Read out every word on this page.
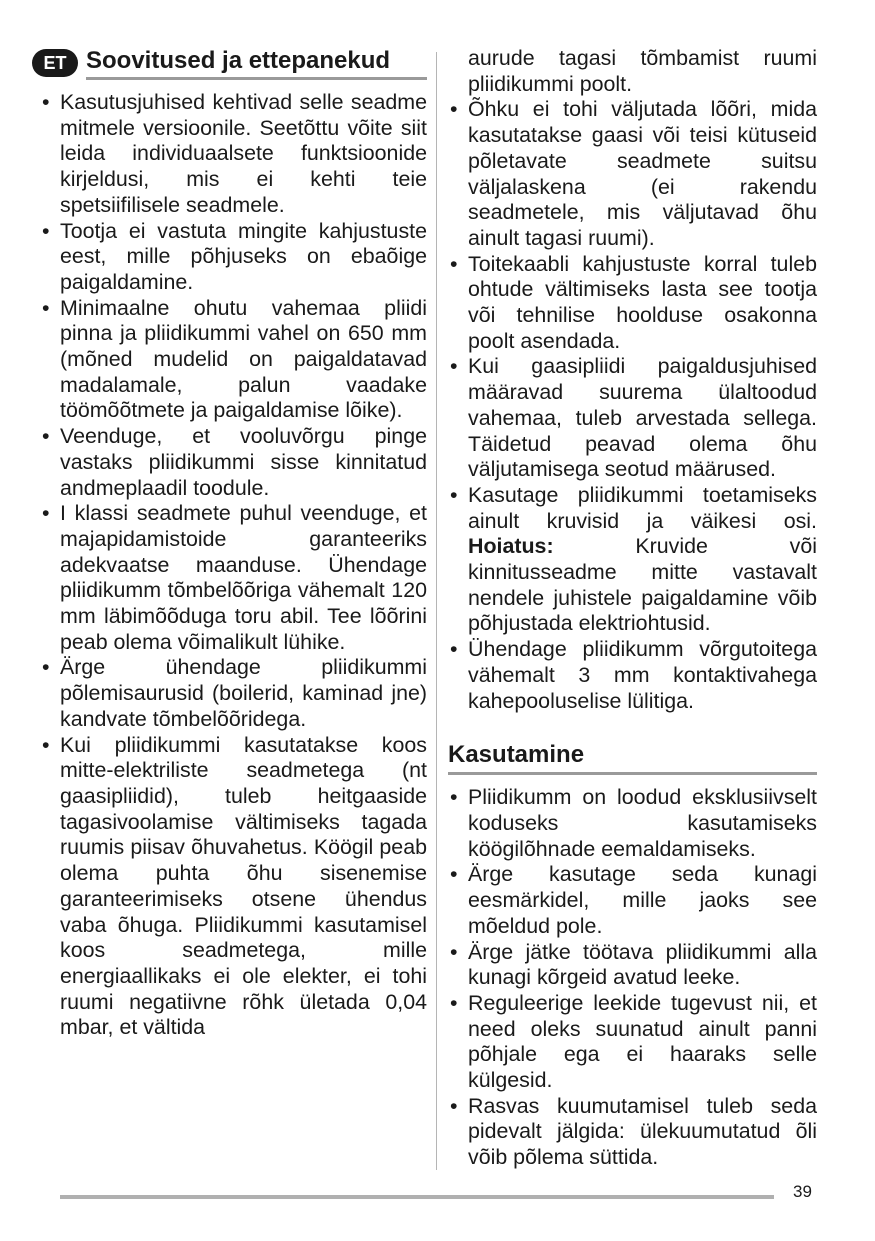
ET Soovitused ja ettepanekud
• Kasutusjuhised kehtivad selle seadme mitmele versioonile. Seetõttu võite siit leida individuaalsete funktsioonide kirjeldusi, mis ei kehti teie spetsiifilisele seadmele.
• Tootja ei vastuta mingite kahjustuste eest, mille põhjuseks on ebaõige paigaldamine.
• Minimaalne ohutu vahemaa pliidi pinna ja pliidikummi vahel on 650 mm (mõned mudelid on paigaldatavad madalamale, palun vaadake töömõõtmete ja paigaldamise lõike).
• Veenduge, et vooluvõrgu pinge vastaks pliidikummi sisse kinnitatud andmeplaadil toodule.
• I klassi seadmete puhul veenduge, et majapidamistoide garanteeriks adekvaatse maanduse. Ühendage pliidikumm tõmbelõõriga vähemalt 120 mm läbimõõduga toru abil. Tee lõõrini peab olema võimalikult lühike.
• Ärge ühendage pliidikummi põlemisaurusid (boilerid, kaminad jne) kandvate tõmbelõõridega.
• Kui pliidikummi kasutatakse koos mitte-elektriliste seadmetega (nt gaasipliidid), tuleb heitgaaside tagasivoolamise vältimiseks tagada ruumis piisav õhuvahetus. Köögil peab olema puhta õhu sisenemise garanteerimiseks otsene ühendus vaba õhuga. Pliidikummi kasutamisel koos seadmetega, mille energiaallikaks ei ole elekter, ei tohi ruumi negatiivne rõhk ületada 0,04 mbar, et vältida
aurude tagasi tõmbamist ruumi pliidikummi poolt.
• Õhku ei tohi väljutada lõõri, mida kasutatakse gaasi või teisi kütuseid põletavate seadmete suitsu väljalaskena (ei rakendu seadmetele, mis väljutavad õhu ainult tagasi ruumi).
• Toitekaabli kahjustuste korral tuleb ohtude vältimiseks lasta see tootja või tehnilise hoolduse osakonna poolt asendada.
• Kui gaasipliidi paigaldusjuhised määravad suurema ülaltoodud vahemaa, tuleb arvestada sellega. Täidetud peavad olema õhu väljutamisega seotud määrused.
• Kasutage pliidikummi toetamiseks ainult kruvisid ja väikesi osi. Hoiatus:	Kruvide või kinnitusseadme mitte vastavalt nendele juhistele paigaldamine võib põhjustada elektriohtusid.
• Ühendage pliidikumm võrgutoitega vähemalt 3 mm kontaktivahega kahepooluselise lülitiga.
Kasutamine
• Pliidikumm on loodud eksklusiivselt koduseks kasutamiseks köögilõhnade eemaldamiseks.
• Ärge kasutage seda kunagi eesmärkidel, mille jaoks see mõeldud pole.
• Ärge jätke töötava pliidikummi alla kunagi kõrgeid avatud leeke.
• Reguleerige leekide tugevust nii, et need oleks suunatud ainult panni põhjale ega ei haaraks selle külgesid.
• Rasvas kuumutamisel tuleb seda pidevalt jälgida: ülekuumutatud õli võib põlema süttida.
39
